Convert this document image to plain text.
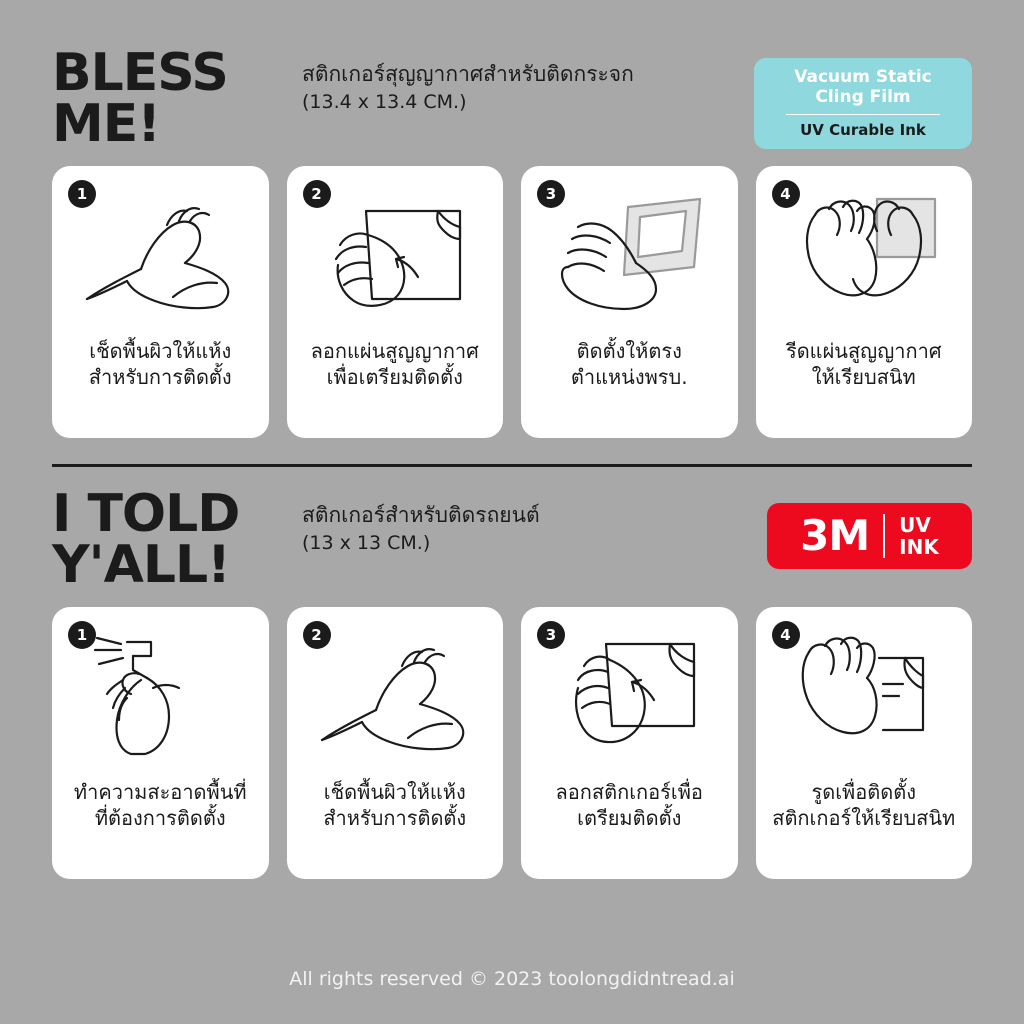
BLESS
ME!
สติกเกอร์สุญญากาศสำหรับติดกระจก
(13.4 x 13.4 CM.)
Vacuum Static
Cling Film
UV Curable Ink
1
เช็ดพื้นผิวให้แห้ง
สำหรับการติดตั้ง
2
ลอกแผ่นสูญญากาศ
เพื่อเตรียมติดตั้ง
3
ติดตั้งให้ตรง
ตำแหน่งพรบ.
4
รีดแผ่นสูญญากาศ
ให้เรียบสนิท
I TOLD
Y'ALL!
สติกเกอร์สำหรับติดรถยนต์
(13 x 13 CM.)	3M	UV
INK
1
ทำความสะอาดพื้นที่
ที่ต้องการติดตั้ง
2
เช็ดพื้นผิวให้แห้ง
สำหรับการติดตั้ง
3
ลอกสติกเกอร์เพื่อ
เตรียมติดตั้ง
4
รูดเพื่อติดตั้ง
สติกเกอร์ให้เรียบสนิท
All rights reserved © 2023 toolongdidntread.ai
